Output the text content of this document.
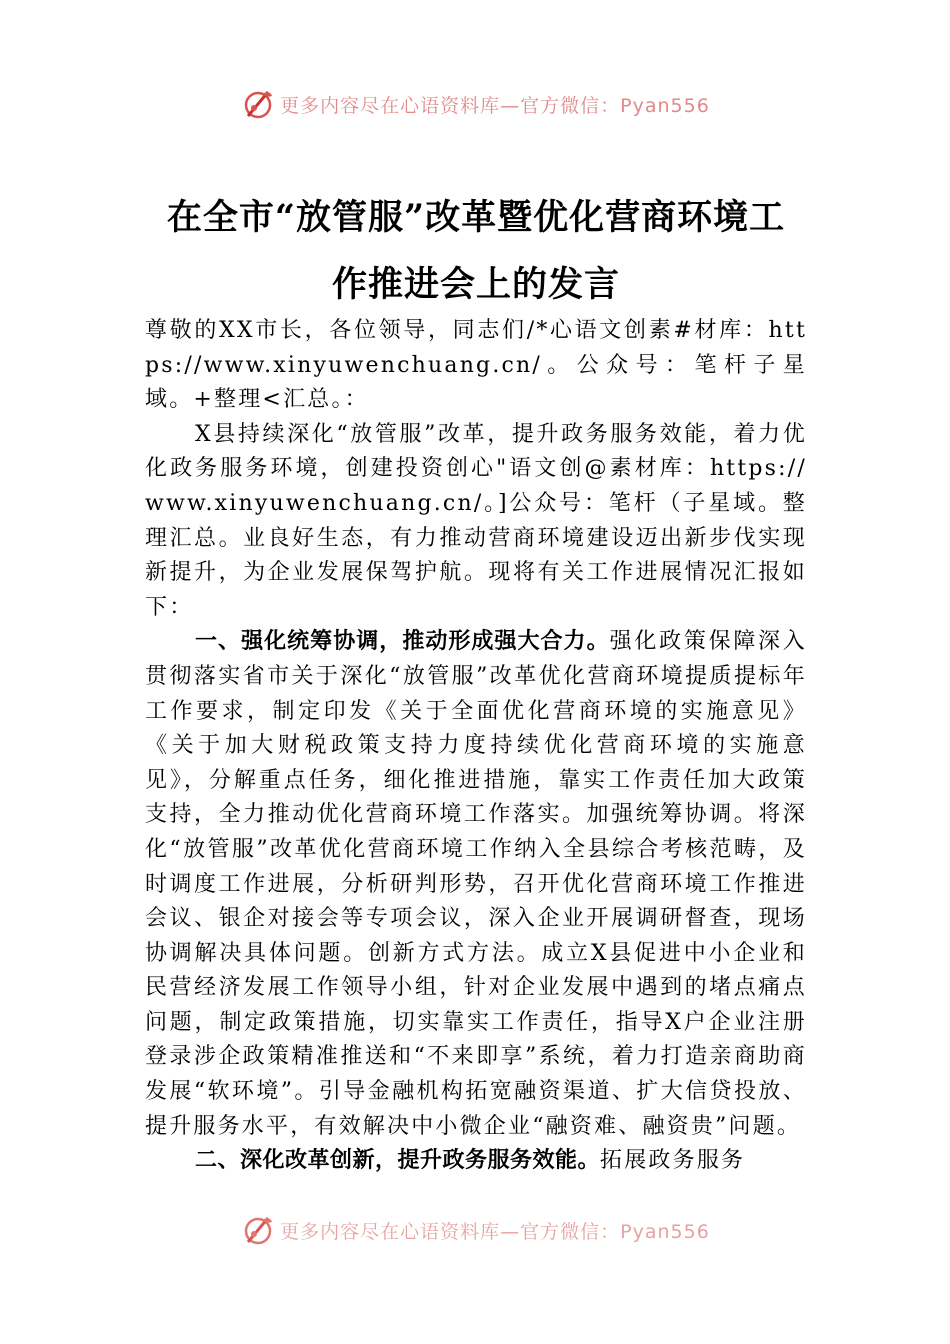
更多内容尽在心语资料库—官方微信：Pyan556
在全市“放管服”改革暨优化营商环境工
作推进会上的发言

尊敬的XX市长，各位领导，同志们/*心语文创素#材库：https://www.xinyuwenchuang.cn/。公众号：笔杆子星域。+整理<汇总。：

X县持续深化“放管服”改革，提升政务服务效能，着力优化政务服务环境，创建投资创心"语文创@素材库：https://www.xinyuwenchuang.cn/。]公众号：笔杆（子星域。整理汇总。业良好生态，有力推动营商环境建设迈出新步伐实现新提升，为企业发展保驾护航。现将有关工作进展情况汇报如下：

一、强化统筹协调，推动形成强大合力。强化政策保障深入贯彻落实省市关于深化“放管服”改革优化营商环境提质提标年工作要求，制定印发《关于全面优化营商环境的实施意见》《关于加大财税政策支持力度持续优化营商环境的实施意见》，分解重点任务，细化推进措施，靠实工作责任加大政策支持，全力推动优化营商环境工作落实。加强统筹协调。将深化“放管服”改革优化营商环境工作纳入全县综合考核范畴，及时调度工作进展，分析研判形势，召开优化营商环境工作推进会议、银企对接会等专项会议，深入企业开展调研督查，现场协调解决具体问题。创新方式方法。成立X县促进中小企业和民营经济发展工作领导小组，针对企业发展中遇到的堵点痛点问题，制定政策措施，切实靠实工作责任，指导X户企业注册登录涉企政策精准推送和“不来即享”系统，着力打造亲商助商发展“软环境”。引导金融机构拓宽融资渠道、扩大信贷投放、提升服务水平，有效解决中小微企业“融资难、融资贵”问题。

二、深化改革创新，提升政务服务效能。拓展政务服务

更多内容尽在心语资料库—官方微信：Pyan556
